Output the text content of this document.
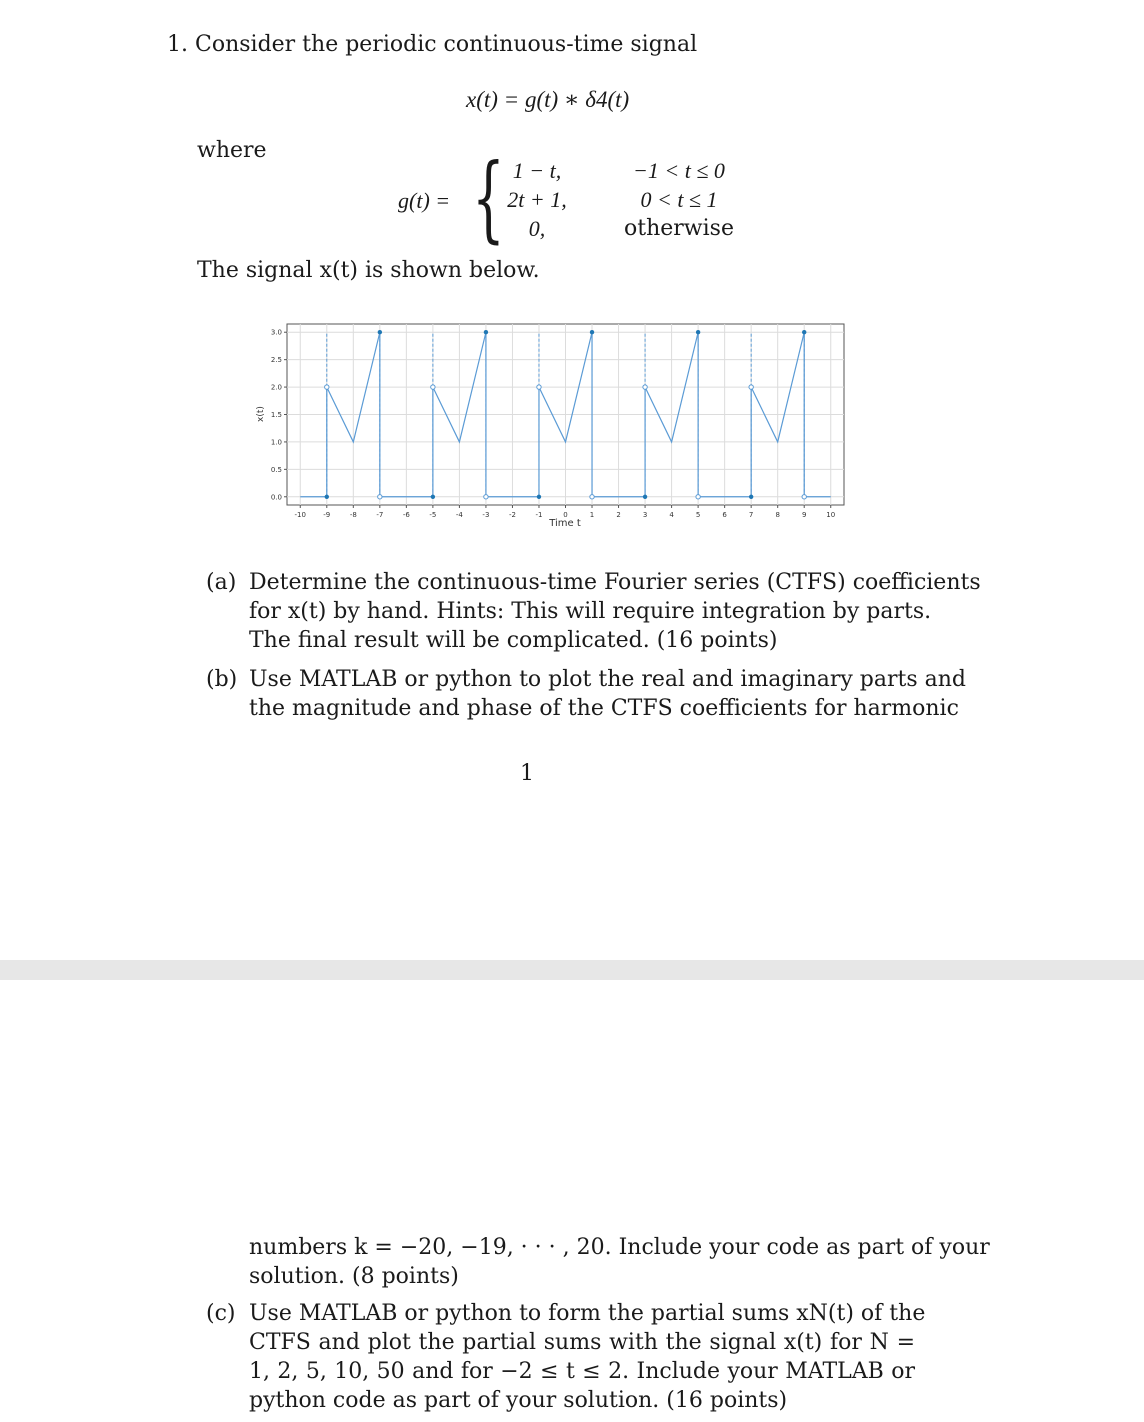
1. Consider the periodic continuous-time signal
x(t) = g(t) ∗ δ4(t)
where
g(t) = { 1 − t,		−1 < t ≤ 0
2t + 1,		0 < t ≤ 1
0,		otherwise
The signal x(t) is shown below.
-10 -9	-8	-7	-6	-5	-4	-3	-2	-1	0	1	2	3	4	5	6	7	8	9	10
0.0
0.5
1.0
1.5
2.0
2.5
3.0
Time t
x(t)
(a) Determine the continuous-time Fourier series (CTFS) coefficients
for x(t) by hand. Hints: This will require integration by parts.
The final result will be complicated. (16 points)
(b) Use MATLAB or python to plot the real and imaginary parts and
the magnitude and phase of the CTFS coefficients for harmonic
1
numbers k = −20, −19, · · · , 20. Include your code as part of your
solution. (8 points)
(c) Use MATLAB or python to form the partial sums xN(t) of the
CTFS and plot the partial sums with the signal x(t) for N =
1, 2, 5, 10, 50 and for −2 ≤ t ≤ 2. Include your MATLAB or
python code as part of your solution. (16 points)
